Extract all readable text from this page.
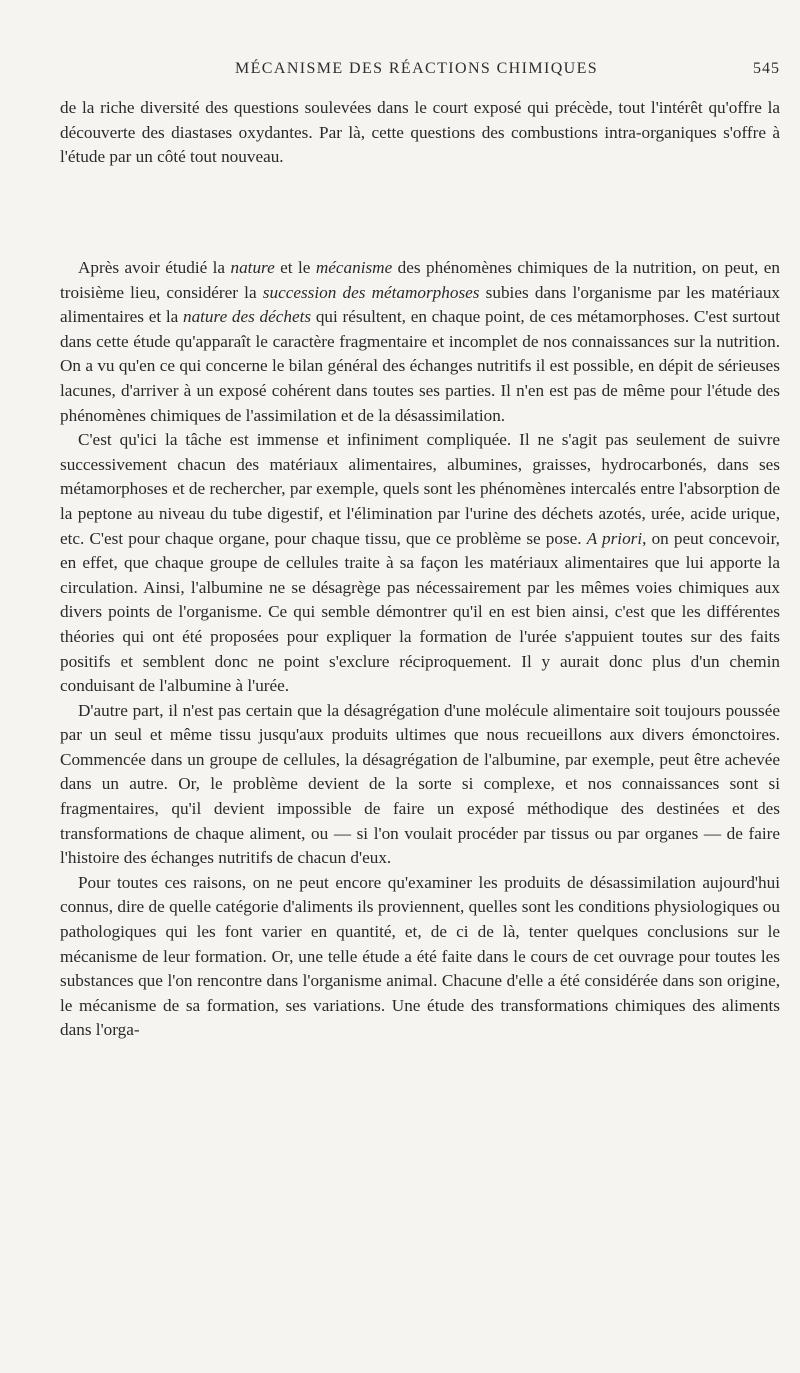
MÉCANISME DES RÉACTIONS CHIMIQUES	545

de la riche diversité des questions soulevées dans le court exposé qui précède, tout l'intérêt qu'offre la découverte des diastases oxydantes. Par là, cette questions des combustions intra-organiques s'offre à l'étude par un côté tout nouveau.

Après avoir étudié la nature et le mécanisme des phénomènes chimiques de la nutrition, on peut, en troisième lieu, considérer la succession des métamorphoses subies dans l'organisme par les matériaux alimentaires et la nature des déchets qui résultent, en chaque point, de ces métamorphoses. C'est surtout dans cette étude qu'apparaît le caractère fragmentaire et incomplet de nos connaissances sur la nutrition. On a vu qu'en ce qui concerne le bilan général des échanges nutritifs il est possible, en dépit de sérieuses lacunes, d'arriver à un exposé cohérent dans toutes ses parties. Il n'en est pas de même pour l'étude des phénomènes chimiques de l'assimilation et de la désassimilation.

C'est qu'ici la tâche est immense et infiniment compliquée. Il ne s'agit pas seulement de suivre successivement chacun des matériaux alimentaires, albumines, graisses, hydrocarbonés, dans ses métamorphoses et de rechercher, par exemple, quels sont les phénomènes intercalés entre l'absorption de la peptone au niveau du tube digestif, et l'élimination par l'urine des déchets azotés, urée, acide urique, etc. C'est pour chaque organe, pour chaque tissu, que ce problème se pose. A priori, on peut concevoir, en effet, que chaque groupe de cellules traite à sa façon les matériaux alimentaires que lui apporte la circulation. Ainsi, l'albumine ne se désagrège pas nécessairement par les mêmes voies chimiques aux divers points de l'organisme. Ce qui semble démontrer qu'il en est bien ainsi, c'est que les différentes théories qui ont été proposées pour expliquer la formation de l'urée s'appuient toutes sur des faits positifs et semblent donc ne point s'exclure réciproquement. Il y aurait donc plus d'un chemin conduisant de l'albumine à l'urée.

D'autre part, il n'est pas certain que la désagrégation d'une molécule alimentaire soit toujours poussée par un seul et même tissu jusqu'aux produits ultimes que nous recueillons aux divers émonctoires. Commencée dans un groupe de cellules, la désagrégation de l'albumine, par exemple, peut être achevée dans un autre. Or, le problème devient de la sorte si complexe, et nos connaissances sont si fragmentaires, qu'il devient impossible de faire un exposé méthodique des destinées et des transformations de chaque aliment, ou — si l'on voulait procéder par tissus ou par organes — de faire l'histoire des échanges nutritifs de chacun d'eux.

Pour toutes ces raisons, on ne peut encore qu'examiner les produits de désassimilation aujourd'hui connus, dire de quelle catégorie d'aliments ils proviennent, quelles sont les conditions physiologiques ou pathologiques qui les font varier en quantité, et, de ci de là, tenter quelques conclusions sur le mécanisme de leur formation. Or, une telle étude a été faite dans le cours de cet ouvrage pour toutes les substances que l'on rencontre dans l'organisme animal. Chacune d'elle a été considérée dans son origine, le mécanisme de sa formation, ses variations. Une étude des transformations chimiques des aliments dans l'orga-
